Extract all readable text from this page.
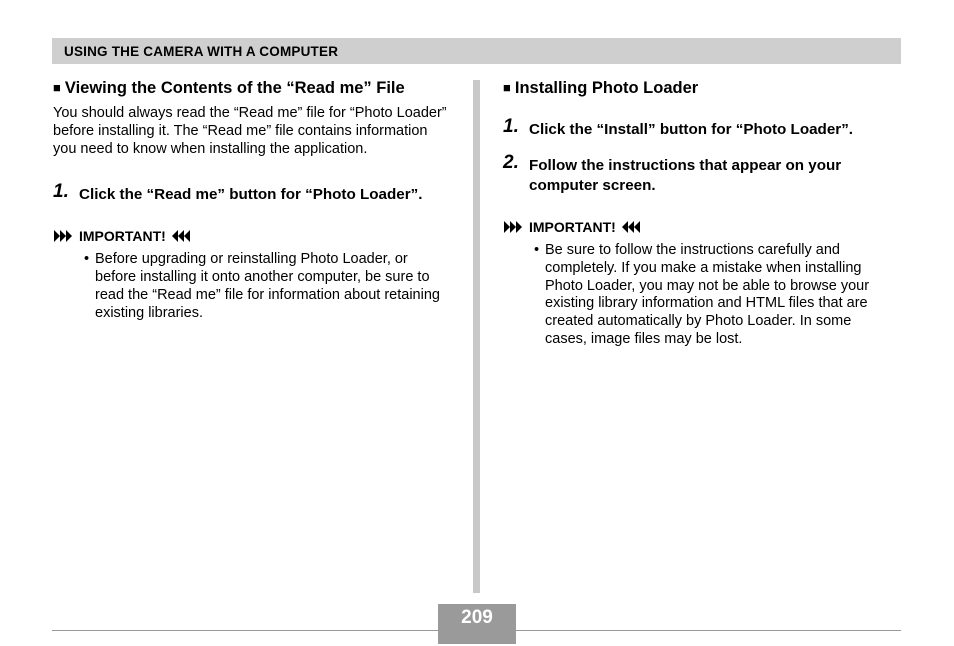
USING THE CAMERA WITH A COMPUTER
■ Viewing the Contents of the “Read me” File

You should always read the “Read me” file for “Photo Loader” before installing it. The “Read me” file contains information you need to know when installing the application.

1. Click the “Read me” button for “Photo Loader”.
IMPORTANT!
• Before upgrading or reinstalling Photo Loader, or before installing it onto another computer, be sure to read the “Read me” file for information about retaining existing libraries.
■ Installing Photo Loader
1. Click the “Install” button for “Photo Loader”.
2. Follow the instructions that appear on your computer screen.
IMPORTANT!
• Be sure to follow the instructions carefully and completely. If you make a mistake when installing Photo Loader, you may not be able to browse your existing library information and HTML files that are created automatically by Photo Loader. In some cases, image files may be lost.
209
